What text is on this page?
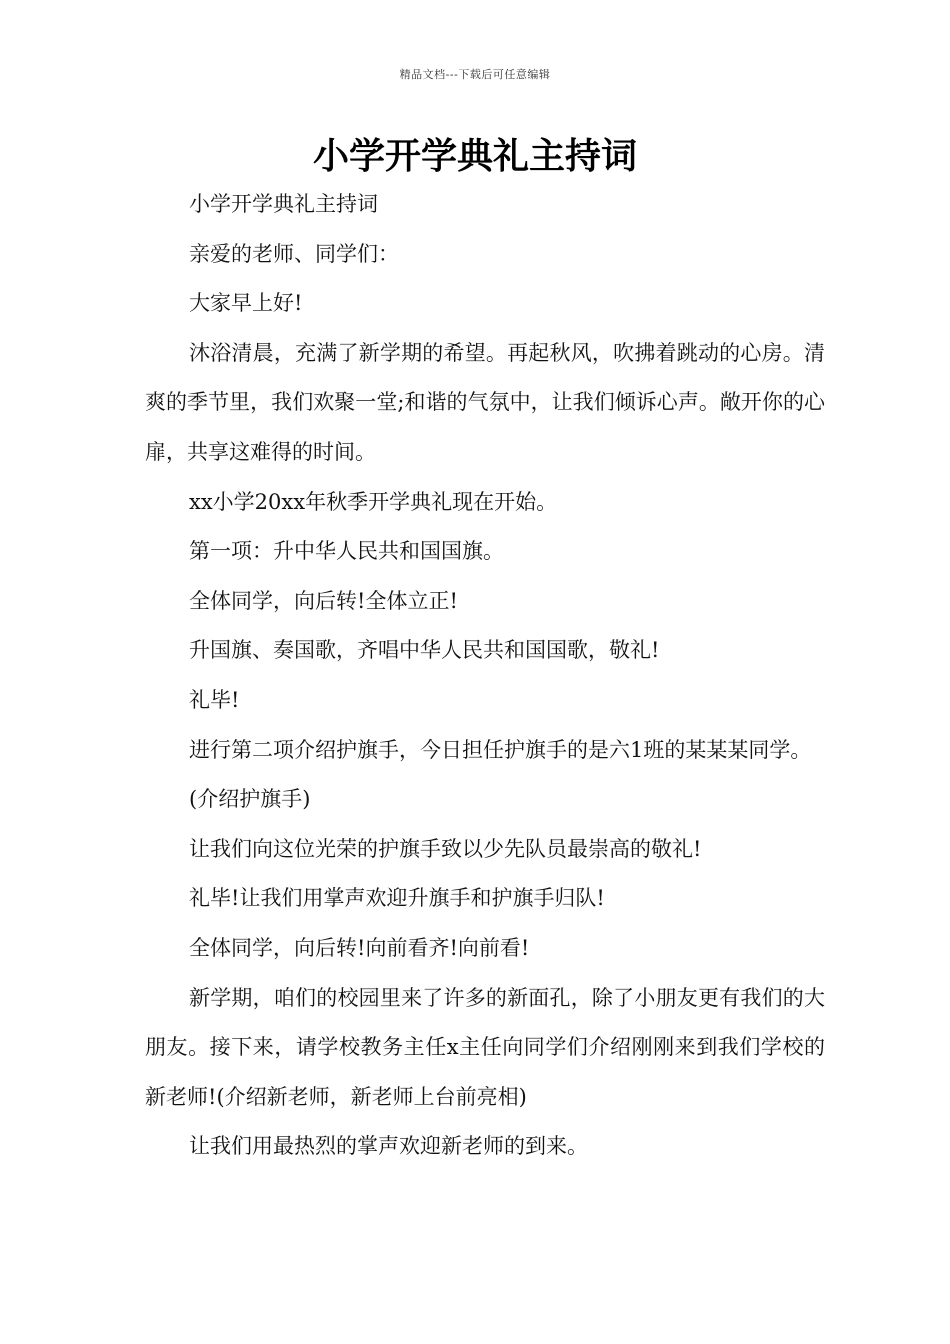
精品文档---下载后可任意编辑
小学开学典礼主持词

小学开学典礼主持词

亲爱的老师、同学们：

大家早上好!

沐浴清晨，充满了新学期的希望。再起秋风，吹拂着跳动的心房。清爽的季节里，我们欢聚一堂;和谐的气氛中，让我们倾诉心声。敞开你的心扉，共享这难得的时间。

xx小学20xx年秋季开学典礼现在开始。

第一项：升中华人民共和国国旗。

全体同学，向后转!全体立正!

升国旗、奏国歌，齐唱中华人民共和国国歌，敬礼!

礼毕!

进行第二项介绍护旗手，今日担任护旗手的是六1班的某某某同学。

(介绍护旗手)

让我们向这位光荣的护旗手致以少先队员最崇高的敬礼!

礼毕!让我们用掌声欢迎升旗手和护旗手归队!

全体同学，向后转!向前看齐!向前看!

新学期，咱们的校园里来了许多的新面孔，除了小朋友更有我们的大朋友。接下来，请学校教务主任x主任向同学们介绍刚刚来到我们学校的新老师!(介绍新老师，新老师上台前亮相)

让我们用最热烈的掌声欢迎新老师的到来。
